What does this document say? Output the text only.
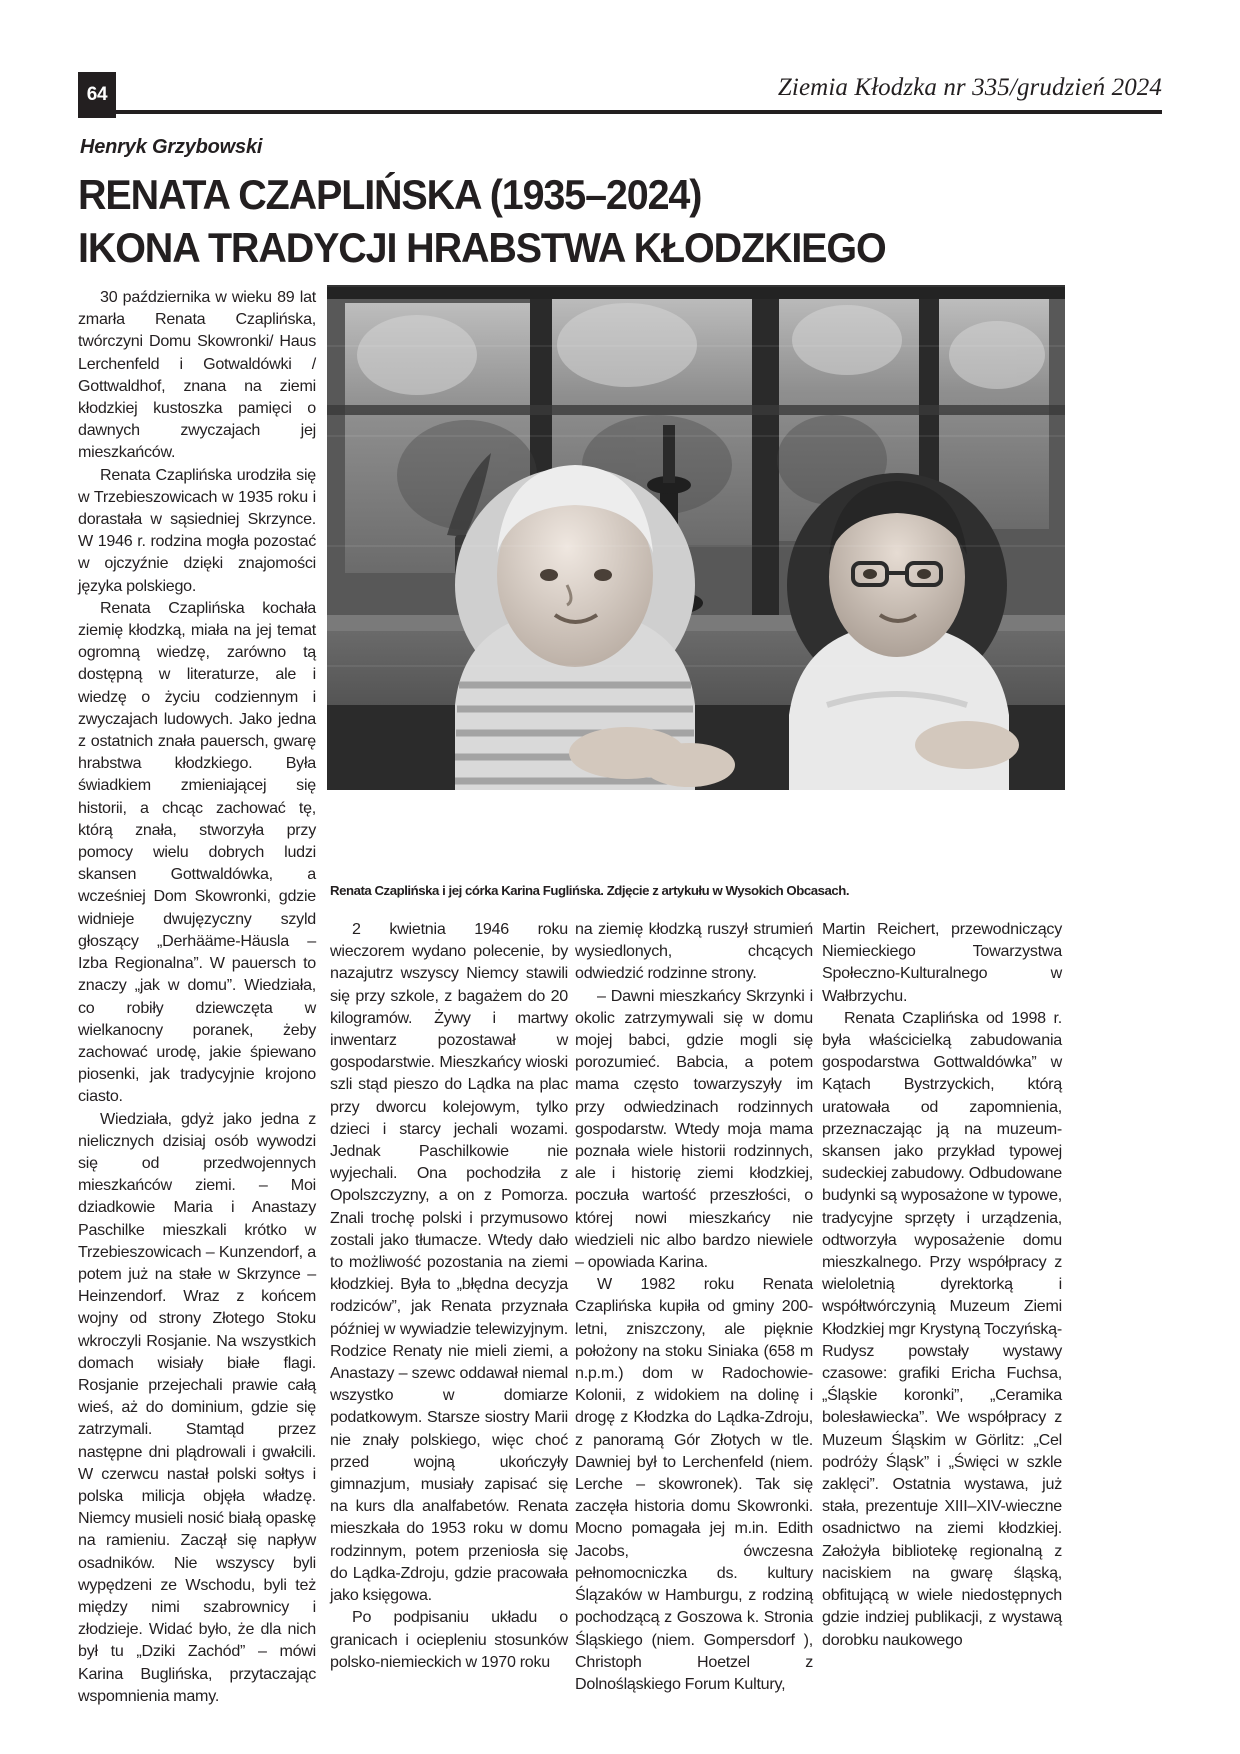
64	Ziemia Kłodzka nr 335/grudzień 2024
Henryk Grzybowski
RENATA CZAPLIŃSKA (1935–2024)
IKONA TRADYCJI HRABSTWA KŁODZKIEGO
Renata Czaplińska i jej córka Karina Fuglińska. Zdjęcie z artykułu w Wysokich Obcasach.

30 października w wieku 89 lat zmarła Renata Czaplińska, twórczyni Domu Skowronki/ Haus Lerchenfeld i Gotwaldówki / Gottwaldhof, znana na ziemi kłodzkiej kustoszka pamięci o dawnych zwyczajach jej mieszkańców.

Renata Czaplińska urodziła się w Trzebieszowicach w 1935 roku i dorastała w sąsiedniej Skrzynce. W 1946 r. rodzina mogła pozostać w ojczyźnie dzięki znajomości języka polskiego.

Renata Czaplińska kochała ziemię kłodzką, miała na jej temat ogromną wiedzę, zarówno tą dostępną w literaturze, ale i wiedzę o życiu codziennym i zwyczajach ludowych. Jako jedna z ostatnich znała pauersch, gwarę hrabstwa kłodzkiego. Była świadkiem zmieniającej się historii, a chcąc zachować tę, którą znała, stworzyła przy pomocy wielu dobrych ludzi skansen Gottwaldówka, a wcześniej Dom Skowronki, gdzie widnieje dwujęzyczny szyld głoszący „Derhääme-Häusla – Izba Regionalna”. W pauersch to znaczy „jak w domu”. Wiedziała, co robiły dziewczęta w wielkanocny poranek, żeby zachować urodę, jakie śpiewano piosenki, jak tradycyjnie krojono ciasto.

Wiedziała, gdyż jako jedna z nielicznych dzisiaj osób wywodzi się od przedwojennych mieszkańców ziemi. – Moi dziadkowie Maria i Anastazy Paschilke mieszkali krótko w Trzebieszowicach – Kunzendorf, a potem już na stałe w Skrzynce – Heinzendorf. Wraz z końcem wojny od strony Złotego Stoku wkroczyli Rosjanie. Na wszystkich domach wisiały białe flagi. Rosjanie przejechali prawie całą wieś, aż do dominium, gdzie się zatrzymali. Stamtąd przez następne dni plądrowali i gwałcili. W czerwcu nastał polski sołtys i polska milicja objęła władzę. Niemcy musieli nosić białą opaskę na ramieniu. Zaczął się napływ osadników. Nie wszyscy byli wypędzeni ze Wschodu, byli też między nimi szabrownicy i złodzieje. Widać było, że dla nich był tu „Dziki Zachód” – mówi Karina Buglińska, przytaczając wspomnienia mamy.

2 kwietnia 1946 roku wieczorem wydano polecenie, by nazajutrz wszyscy Niemcy stawili się przy szkole, z bagażem do 20 kilogramów. Żywy i martwy inwentarz pozostawał w gospodarstwie. Mieszkańcy wioski szli stąd pieszo do Lądka na plac przy dworcu kolejowym, tylko dzieci i starcy jechali wozami. Jednak Paschilkowie nie wyjechali. Ona pochodziła z Opolszczyzny, a on z Pomorza. Znali trochę polski i przymusowo zostali jako tłumacze. Wtedy dało to możliwość pozostania na ziemi kłodzkiej. Była to „błędna decyzja rodziców”, jak Renata przyznała później w wywiadzie telewizyjnym. Rodzice Renaty nie mieli ziemi, a Anastazy – szewc oddawał niemal wszystko w domiarze podatkowym. Starsze siostry Marii nie znały polskiego, więc choć przed wojną ukończyły gimnazjum, musiały zapisać się na kurs dla analfabetów. Renata mieszkała do 1953 roku w domu rodzinnym, potem przeniosła się do Lądka-Zdroju, gdzie pracowała jako księgowa.

Po podpisaniu układu o granicach i ociepleniu stosunków polsko-niemieckich w 1970 roku

na ziemię kłodzką ruszył strumień wysiedlonych, chcących odwiedzić rodzinne strony.

– Dawni mieszkańcy Skrzynki i okolic zatrzymywali się w domu mojej babci, gdzie mogli się porozumieć. Babcia, a potem mama często towarzyszyły im przy odwiedzinach rodzinnych gospodarstw. Wtedy moja mama poznała wiele historii rodzinnych, ale i historię ziemi kłodzkiej, poczuła wartość przeszłości, o której nowi mieszkańcy nie wiedzieli nic albo bardzo niewiele – opowiada Karina.

W 1982 roku Renata Czaplińska kupiła od gminy 200-letni, zniszczony, ale pięknie położony na stoku Siniaka (658 m n.p.m.) dom w Radochowie-Kolonii, z widokiem na dolinę i drogę z Kłodzka do Lądka-Zdroju, z panoramą Gór Złotych w tle. Dawniej był to Lerchenfeld (niem. Lerche – skowronek). Tak się zaczęła historia domu Skowronki. Mocno pomagała jej m.in. Edith Jacobs, ówczesna pełnomocniczka ds. kultury Ślązaków w Hamburgu, z rodziną pochodzącą z Goszowa k. Stronia Śląskiego (niem. Gompersdorf ), Christoph Hoetzel z Dolnośląskiego Forum Kultury,

Martin Reichert, przewodniczący Niemieckiego Towarzystwa Społeczno-Kulturalnego w Wałbrzychu.

Renata Czaplińska od 1998 r. była właścicielką zabudowania gospodarstwa Gottwaldówka” w Kątach Bystrzyckich, którą uratowała od zapomnienia, przeznaczając ją na muzeum-skansen jako przykład typowej sudeckiej zabudowy. Odbudowane budynki są wyposażone w typowe, tradycyjne sprzęty i urządzenia, odtworzyła wyposażenie domu mieszkalnego. Przy współpracy z wieloletnią dyrektorką i współtwórczynią Muzeum Ziemi Kłodzkiej mgr Krystyną Toczyńską-Rudysz powstały wystawy czasowe: grafiki Ericha Fuchsa, „Śląskie koronki”, „Ceramika bolesławiecka”. We współpracy z Muzeum Śląskim w Görlitz: „Cel podróży Śląsk” i „Święci w szkle zaklęci”. Ostatnia wystawa, już stała, prezentuje XIII–XIV-wieczne osadnictwo na ziemi kłodzkiej. Założyła bibliotekę regionalną z naciskiem na gwarę śląską, obfitującą w wiele niedostępnych gdzie indziej publikacji, z wystawą dorobku naukowego
